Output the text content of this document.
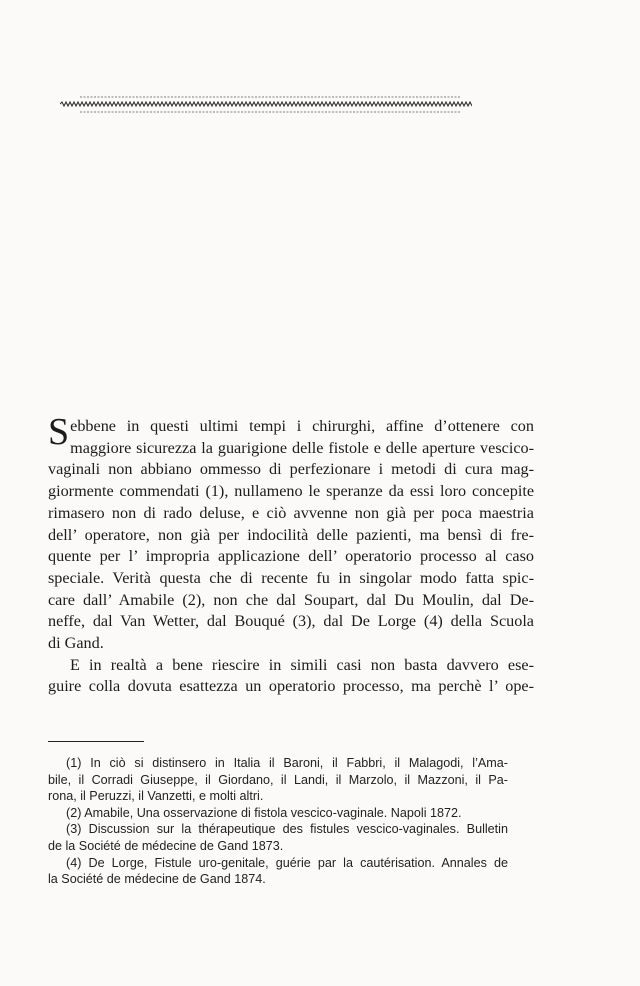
Sebbene in questi ultimi tempi i chirurghi, affine d’ottenere con
maggiore sicurezza la guarigione delle fistole e delle aperture vescico-
vaginali non abbiano ommesso di perfezionare i metodi di cura mag-
giormente commendati (1), nullameno le speranze da essi loro concepite
rimasero non di rado deluse, e ciò avvenne non già per poca maestria
dell’ operatore, non già per indocilità delle pazienti, ma bensì di fre-
quente per l’ impropria applicazione dell’ operatorio processo al caso
speciale. Verità questa che di recente fu in singolar modo fatta spic-
care dall’ Amabile (2), non che dal Soupart, dal Du Moulin, dal De-
neffe, dal Van Wetter, dal Bouqué (3), dal De Lorge (4) della Scuola
di Gand.
E in realtà a bene riescire in simili casi non basta davvero ese-
guire colla dovuta esattezza un operatorio processo, ma perchè l’ ope-
(1) In ciò si distinsero in Italia il Baroni, il Fabbri, il Malagodi, l’Ama-
bile, il Corradi Giuseppe, il Giordano, il Landi, il Marzolo, il Mazzoni, il Pa-
rona, il Peruzzi, il Vanzetti, e molti altri.
(2) Amabile, Una osservazione di fistola vescico-vaginale. Napoli 1872.
(3) Discussion sur la thérapeutique des fistules vescico-vaginales. Bulletin
de la Société de médecine de Gand 1873.
(4) De Lorge, Fistule uro-genitale, guérie par la cautérisation. Annales de
la Société de médecine de Gand 1874.
